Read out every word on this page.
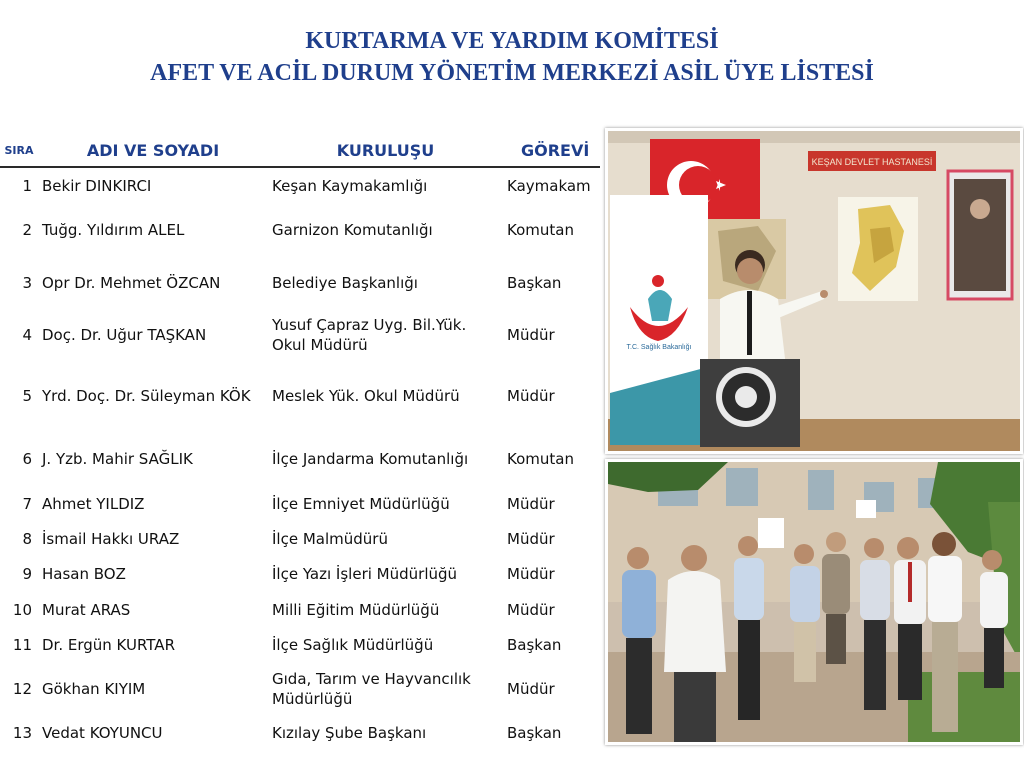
KURTARMA VE YARDIM KOMİTESİ
AFET VE ACİL DURUM YÖNETİM MERKEZİ ASİL ÜYE LİSTESİ
SIRA	ADI VE SOYADI	KURULUŞU	GÖREVİ
1	Bekir DINKIRCI	Keşan Kaymakamlığı	Kaymakam
2	Tuğg. Yıldırım ALEL	Garnizon Komutanlığı	Komutan
3	Opr Dr. Mehmet ÖZCAN	Belediye Başkanlığı	Başkan
4	Doç. Dr. Uğur TAŞKAN	Yusuf Çapraz Uyg. Bil.Yük. Okul Müdürü	Müdür
5	Yrd. Doç. Dr. Süleyman KÖK	Meslek Yük. Okul Müdürü	Müdür
6	J. Yzb. Mahir SAĞLIK	İlçe Jandarma Komutanlığı	Komutan
7	Ahmet YILDIZ	İlçe Emniyet Müdürlüğü	Müdür
8	İsmail Hakkı URAZ	İlçe Malmüdürü	Müdür
9	Hasan BOZ	İlçe Yazı İşleri Müdürlüğü	Müdür
10	Murat ARAS	Milli Eğitim Müdürlüğü	Müdür
11	Dr. Ergün KURTAR	İlçe Sağlık Müdürlüğü	Başkan
12	Gökhan KIYIM	Gıda, Tarım ve Hayvancılık Müdürlüğü	Müdür
13	Vedat KOYUNCU	Kızılay Şube Başkanı	Başkan
KEŞAN DEVLET HASTANESİ
T.C. Sağlık Bakanlığı
